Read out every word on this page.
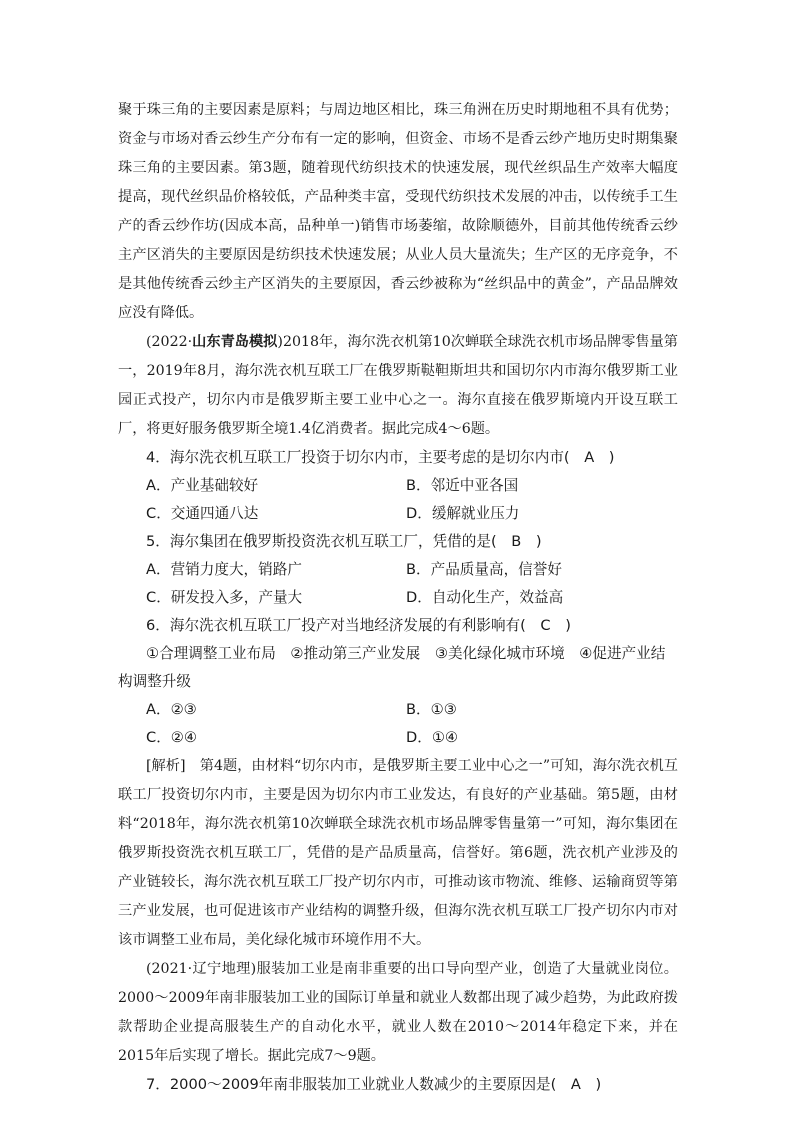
聚于珠三角的主要因素是原料；与周边地区相比，珠三角洲在历史时期地租不具有优势；资金与市场对香云纱生产分布有一定的影响，但资金、市场不是香云纱产地历史时期集聚珠三角的主要因素。第3题，随着现代纺织技术的快速发展，现代丝织品生产效率大幅度提高，现代丝织品价格较低，产品种类丰富，受现代纺织技术发展的冲击，以传统手工生产的香云纱作坊(因成本高，品种单一)销售市场萎缩，故除顺德外，目前其他传统香云纱主产区消失的主要原因是纺织技术快速发展；从业人员大量流失；生产区的无序竞争，不是其他传统香云纱主产区消失的主要原因，香云纱被称为“丝织品中的黄金”，产品品牌效应没有降低。

(2022·山东青岛模拟)2018年，海尔洗衣机第10次蝉联全球洗衣机市场品牌零售量第一，2019年8月，海尔洗衣机互联工厂在俄罗斯鞑靼斯坦共和国切尔内市海尔俄罗斯工业园正式投产，切尔内市是俄罗斯主要工业中心之一。海尔直接在俄罗斯境内开设互联工厂，将更好服务俄罗斯全境1.4亿消费者。据此完成4～6题。

4．海尔洗衣机互联工厂投资于切尔内市，主要考虑的是切尔内市(　A　)

A．产业基础较好	B．邻近中亚各国
C．交通四通八达	D．缓解就业压力

5．海尔集团在俄罗斯投资洗衣机互联工厂，凭借的是(　B　)

A．营销力度大，销路广	B．产品质量高，信誉好
C．研发投入多，产量大	D．自动化生产，效益高

6．海尔洗衣机互联工厂投产对当地经济发展的有利影响有(　C　)

①合理调整工业布局　②推动第三产业发展　③美化绿化城市环境　④促进产业结构调整升级

A．②③	B．①③
C．②④	D．①④

[解析]　第4题，由材料“切尔内市，是俄罗斯主要工业中心之一”可知，海尔洗衣机互联工厂投资切尔内市，主要是因为切尔内市工业发达，有良好的产业基础。第5题，由材料“2018年，海尔洗衣机第10次蝉联全球洗衣机市场品牌零售量第一”可知，海尔集团在俄罗斯投资洗衣机互联工厂，凭借的是产品质量高，信誉好。第6题，洗衣机产业涉及的产业链较长，海尔洗衣机互联工厂投产切尔内市，可推动该市物流、维修、运输商贸等第三产业发展，也可促进该市产业结构的调整升级，但海尔洗衣机互联工厂投产切尔内市对该市调整工业布局，美化绿化城市环境作用不大。

(2021·辽宁地理)服装加工业是南非重要的出口导向型产业，创造了大量就业岗位。2000～2009年南非服装加工业的国际订单量和就业人数都出现了减少趋势，为此政府拨款帮助企业提高服装生产的自动化水平，就业人数在2010～2014年稳定下来，并在2015年后实现了增长。据此完成7～9题。

7．2000～2009年南非服装加工业就业人数减少的主要原因是(　A　)
